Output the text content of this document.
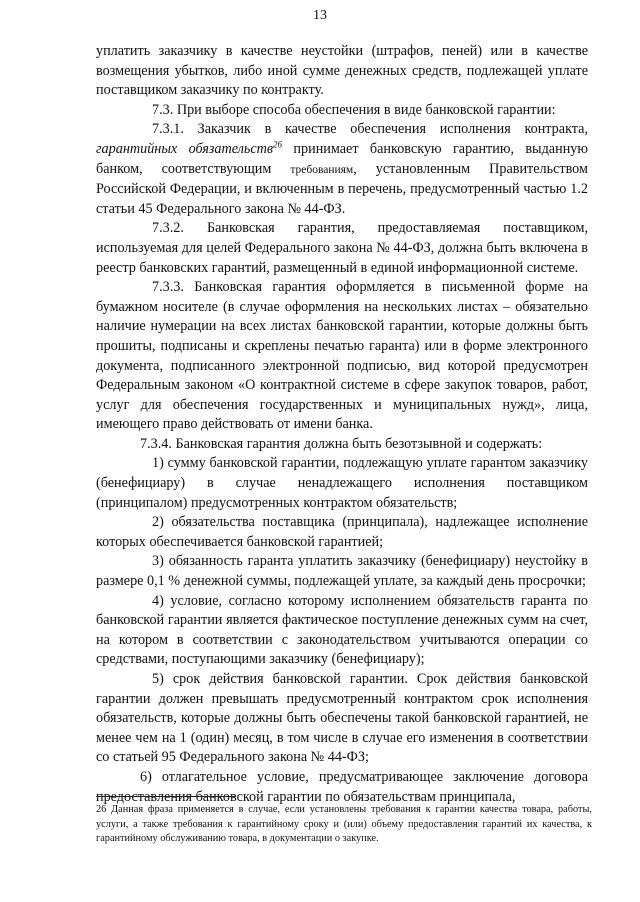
13

уплатить заказчику в качестве неустойки (штрафов, пеней) или в качестве возмещения убытков, либо иной сумме денежных средств, подлежащей уплате поставщиком заказчику по контракту.

7.3. При выборе способа обеспечения в виде банковской гарантии:

7.3.1. Заказчик в качестве обеспечения исполнения контракта, гарантийных обязательств$^{26}$ принимает банковскую гарантию, выданную банком, соответствующим требованиям, установленным Правительством Российской Федерации, и включенным в перечень, предусмотренный частью 1.2 статьи 45 Федерального закона № 44-ФЗ.

7.3.2. Банковская гарантия, предоставляемая поставщиком, используемая для целей Федерального закона № 44-ФЗ, должна быть включена в реестр банковских гарантий, размещенный в единой информационной системе.

7.3.3. Банковская гарантия оформляется в письменной форме на бумажном носителе (в случае оформления на нескольких листах – обязательно наличие нумерации на всех листах банковской гарантии, которые должны быть прошиты, подписаны и скреплены печатью гаранта) или в форме электронного документа, подписанного электронной подписью, вид которой предусмотрен Федеральным законом «О контрактной системе в сфере закупок товаров, работ, услуг для обеспечения государственных и муниципальных нужд», лица, имеющего право действовать от имени банка.

7.3.4. Банковская гарантия должна быть безотзывной и содержать:

1) сумму банковской гарантии, подлежащую уплате гарантом заказчику (бенефициару) в случае ненадлежащего исполнения поставщиком (принципалом) предусмотренных контрактом обязательств;

2) обязательства поставщика (принципала), надлежащее исполнение которых обеспечивается банковской гарантией;

3) обязанность гаранта уплатить заказчику (бенефициару) неустойку в размере 0,1 % денежной суммы, подлежащей уплате, за каждый день просрочки;

4) условие, согласно которому исполнением обязательств гаранта по банковской гарантии является фактическое поступление денежных сумм на счет, на котором в соответствии с законодательством учитываются операции со средствами, поступающими заказчику (бенефициару);

5) срок действия банковской гарантии. Срок действия банковской гарантии должен превышать предусмотренный контрактом срок исполнения обязательств, которые должны быть обеспечены такой банковской гарантией, не менее чем на 1 (один) месяц, в том числе в случае его изменения в соответствии со статьей 95 Федерального закона № 44-ФЗ;

6) отлагательное условие, предусматривающее заключение договора предоставления банковской гарантии по обязательствам принципала,

26 Данная фраза применяется в случае, если установлены требования к гарантии качества товара, работы, услуги, а также требования к гарантийному сроку и (или) объему предоставления гарантий их качества, к гарантийному обслуживанию товара, в документации о закупке.
